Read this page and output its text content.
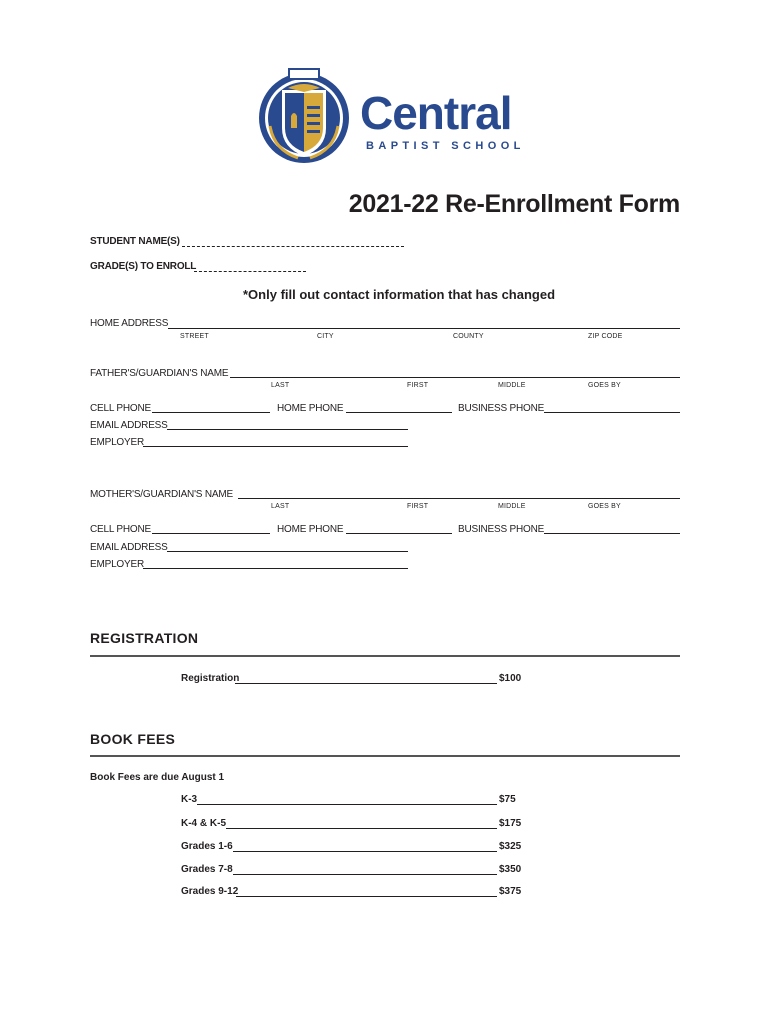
Central
BAPTIST SCHOOL
2021-22 Re-Enrollment Form
STUDENT NAME(S)
GRADE(S) TO ENROLL
*Only fill out contact information that has changed
HOME ADDRESS
STREET	CITY	COUNTY	ZIP CODE
FATHER'S/GUARDIAN'S NAME
LAST	FIRST	MIDDLE	GOES BY
CELL PHONE	HOME PHONE	BUSINESS PHONE
EMAIL ADDRESS
EMPLOYER
MOTHER'S/GUARDIAN'S NAME
LAST	FIRST	MIDDLE	GOES BY
CELL PHONE	HOME PHONE	BUSINESS PHONE
EMAIL ADDRESS
EMPLOYER
REGISTRATION
Registration	$100
BOOK FEES
Book Fees are due August 1
K-3	$75
K-4 & K-5	$175
Grades 1-6	$325
Grades 7-8	$350
Grades 9-12	$375
